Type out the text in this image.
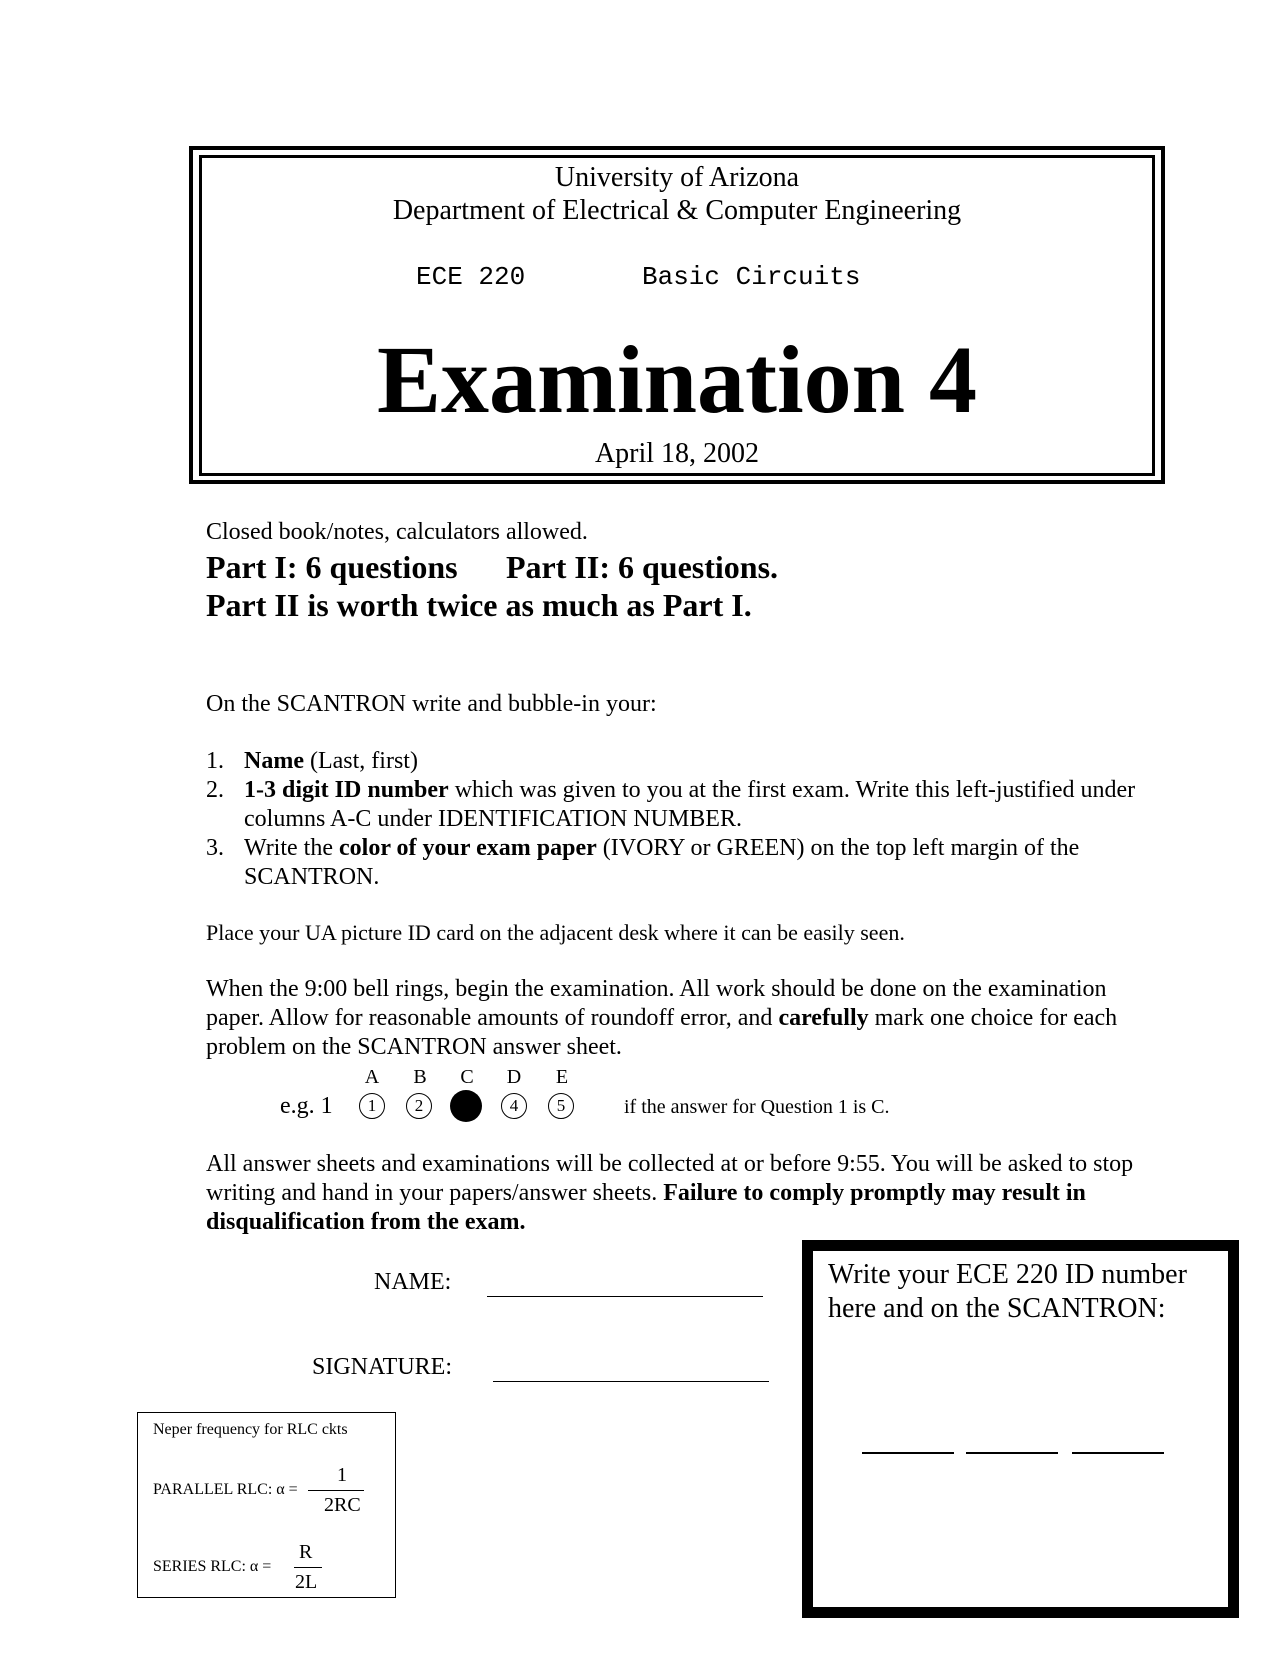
University of Arizona
Department of Electrical & Computer Engineering
ECE 220	Basic Circuits
Examination 4
April 18, 2002
Closed book/notes, calculators allowed.
Part I: 6 questions Part II: 6 questions.
Part II is worth twice as much as Part I.
On the SCANTRON write and bubble-in your:
1. Name (Last, first)
2. 1-3 digit ID number which was given to you at the first exam. Write this left-justified under columns A-C under IDENTIFICATION NUMBER.
3. Write the color of your exam paper (IVORY or GREEN) on the top left margin of the SCANTRON.
Place your UA picture ID card on the adjacent desk where it can be easily seen.
When the 9:00 bell rings, begin the examination. All work should be done on the examination paper. Allow for reasonable amounts of roundoff error, and carefully mark one choice for each problem on the SCANTRON answer sheet.
A	B	C	D	E
e.g. 1	1	2	4	5	if the answer for Question 1 is C.
All answer sheets and examinations will be collected at or before 9:55. You will be asked to stop writing and hand in your papers/answer sheets. Failure to comply promptly may result in disqualification from the exam.
NAME:
SIGNATURE:
Write your ECE 220 ID number here and on the SCANTRON:
Neper frequency for RLC ckts
PARALLEL RLC: α =
1
2RC
SERIES RLC: α =
R
2L
